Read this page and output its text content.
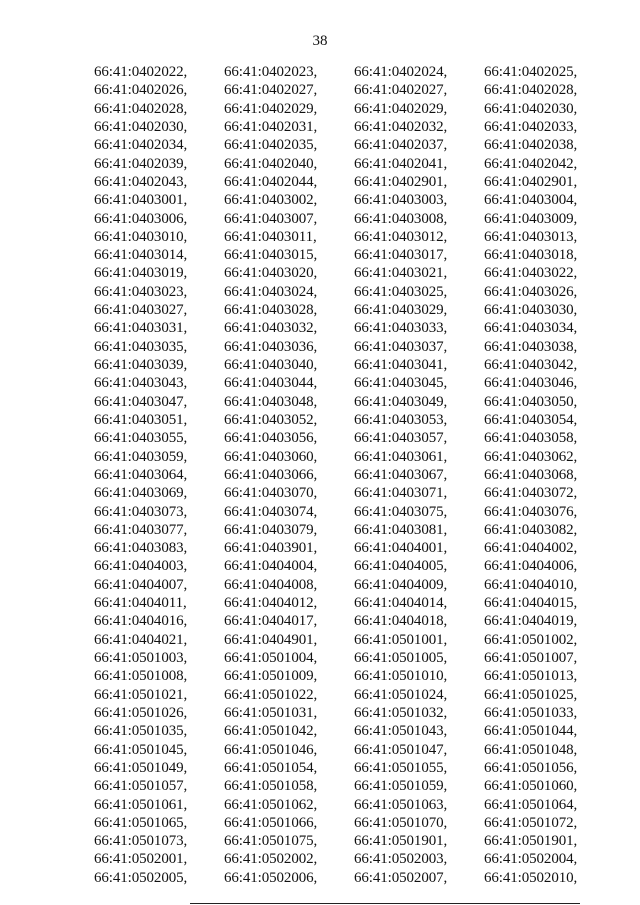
38
66:41:0402022,	66:41:0402023,	66:41:0402024,	66:41:0402025,
66:41:0402026,	66:41:0402027,	66:41:0402027,	66:41:0402028,
66:41:0402028,	66:41:0402029,	66:41:0402029,	66:41:0402030,
66:41:0402030,	66:41:0402031,	66:41:0402032,	66:41:0402033,
66:41:0402034,	66:41:0402035,	66:41:0402037,	66:41:0402038,
66:41:0402039,	66:41:0402040,	66:41:0402041,	66:41:0402042,
66:41:0402043,	66:41:0402044,	66:41:0402901,	66:41:0402901,
66:41:0403001,	66:41:0403002,	66:41:0403003,	66:41:0403004,
66:41:0403006,	66:41:0403007,	66:41:0403008,	66:41:0403009,
66:41:0403010,	66:41:0403011,	66:41:0403012,	66:41:0403013,
66:41:0403014,	66:41:0403015,	66:41:0403017,	66:41:0403018,
66:41:0403019,	66:41:0403020,	66:41:0403021,	66:41:0403022,
66:41:0403023,	66:41:0403024,	66:41:0403025,	66:41:0403026,
66:41:0403027,	66:41:0403028,	66:41:0403029,	66:41:0403030,
66:41:0403031,	66:41:0403032,	66:41:0403033,	66:41:0403034,
66:41:0403035,	66:41:0403036,	66:41:0403037,	66:41:0403038,
66:41:0403039,	66:41:0403040,	66:41:0403041,	66:41:0403042,
66:41:0403043,	66:41:0403044,	66:41:0403045,	66:41:0403046,
66:41:0403047,	66:41:0403048,	66:41:0403049,	66:41:0403050,
66:41:0403051,	66:41:0403052,	66:41:0403053,	66:41:0403054,
66:41:0403055,	66:41:0403056,	66:41:0403057,	66:41:0403058,
66:41:0403059,	66:41:0403060,	66:41:0403061,	66:41:0403062,
66:41:0403064,	66:41:0403066,	66:41:0403067,	66:41:0403068,
66:41:0403069,	66:41:0403070,	66:41:0403071,	66:41:0403072,
66:41:0403073,	66:41:0403074,	66:41:0403075,	66:41:0403076,
66:41:0403077,	66:41:0403079,	66:41:0403081,	66:41:0403082,
66:41:0403083,	66:41:0403901,	66:41:0404001,	66:41:0404002,
66:41:0404003,	66:41:0404004,	66:41:0404005,	66:41:0404006,
66:41:0404007,	66:41:0404008,	66:41:0404009,	66:41:0404010,
66:41:0404011,	66:41:0404012,	66:41:0404014,	66:41:0404015,
66:41:0404016,	66:41:0404017,	66:41:0404018,	66:41:0404019,
66:41:0404021,	66:41:0404901,	66:41:0501001,	66:41:0501002,
66:41:0501003,	66:41:0501004,	66:41:0501005,	66:41:0501007,
66:41:0501008,	66:41:0501009,	66:41:0501010,	66:41:0501013,
66:41:0501021,	66:41:0501022,	66:41:0501024,	66:41:0501025,
66:41:0501026,	66:41:0501031,	66:41:0501032,	66:41:0501033,
66:41:0501035,	66:41:0501042,	66:41:0501043,	66:41:0501044,
66:41:0501045,	66:41:0501046,	66:41:0501047,	66:41:0501048,
66:41:0501049,	66:41:0501054,	66:41:0501055,	66:41:0501056,
66:41:0501057,	66:41:0501058,	66:41:0501059,	66:41:0501060,
66:41:0501061,	66:41:0501062,	66:41:0501063,	66:41:0501064,
66:41:0501065,	66:41:0501066,	66:41:0501070,	66:41:0501072,
66:41:0501073,	66:41:0501075,	66:41:0501901,	66:41:0501901,
66:41:0502001,	66:41:0502002,	66:41:0502003,	66:41:0502004,
66:41:0502005,	66:41:0502006,	66:41:0502007,	66:41:0502010,
